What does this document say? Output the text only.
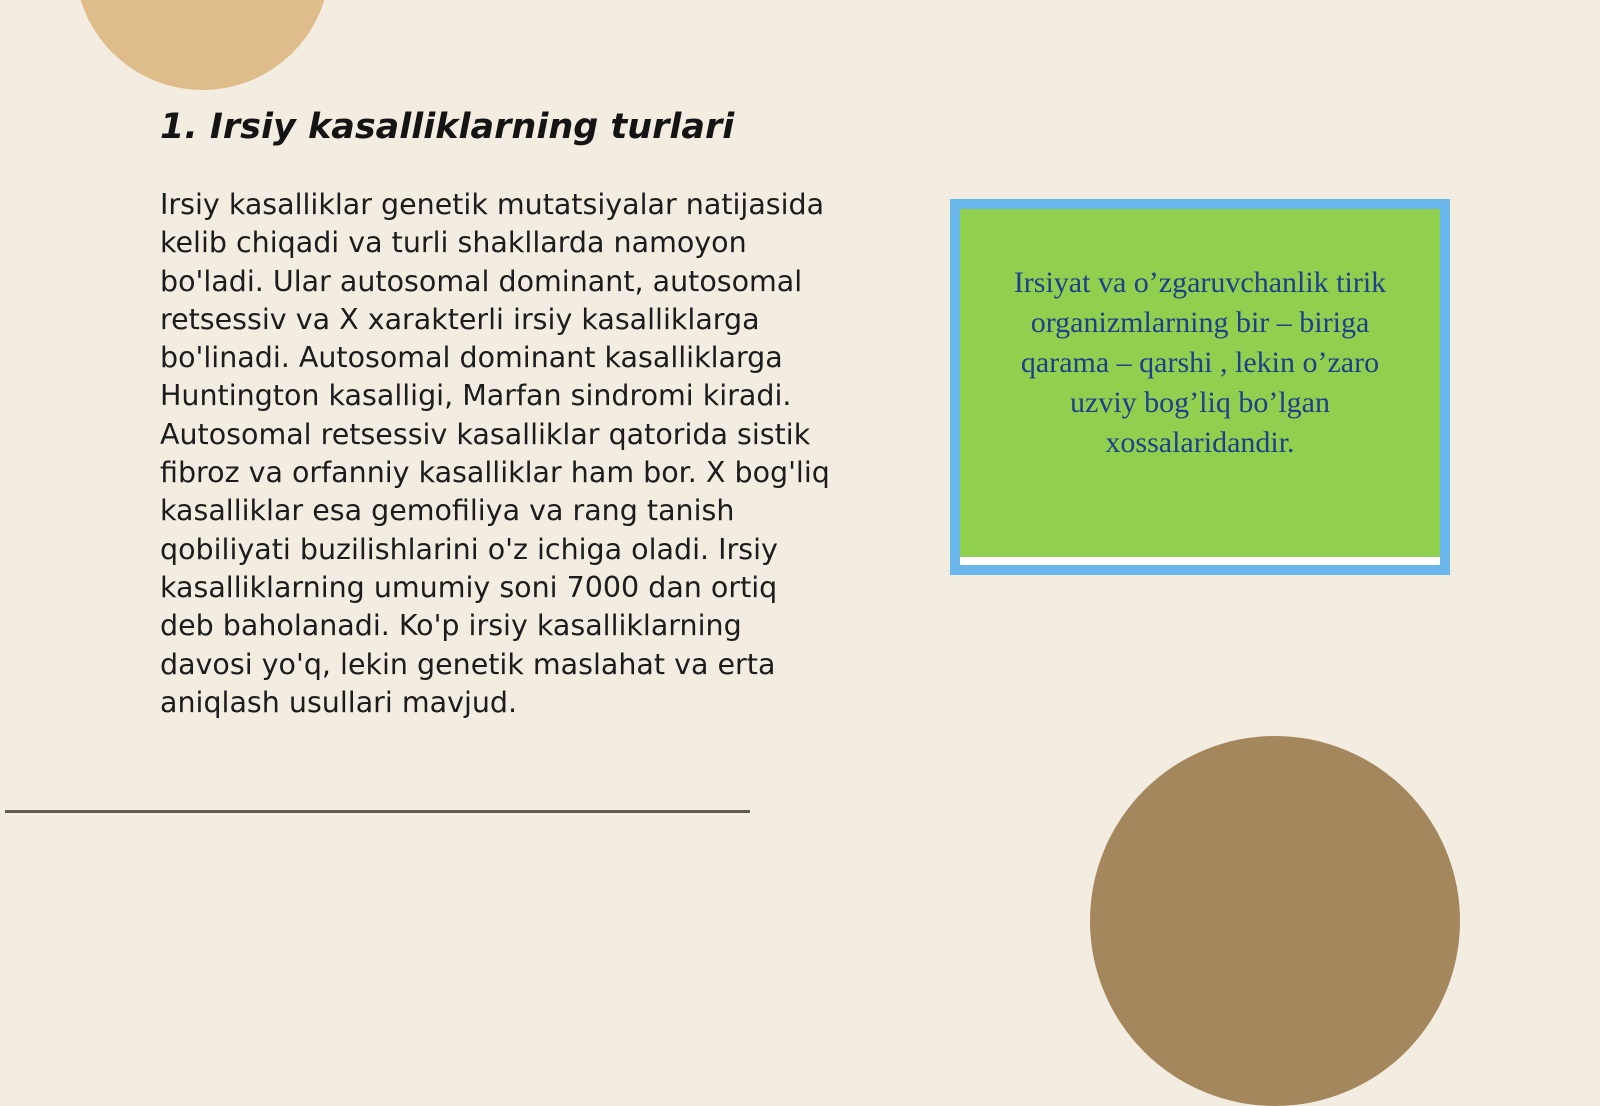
1. Irsiy kasalliklarning turlari

Irsiy kasalliklar genetik mutatsiyalar natijasida kelib chiqadi va turli shakllarda namoyon bo'ladi. Ular autosomal dominant, autosomal retsessiv va X xarakterli irsiy kasalliklarga bo'linadi. Autosomal dominant kasalliklarga Huntington kasalligi, Marfan sindromi kiradi. Autosomal retsessiv kasalliklar qatorida sistik fibroz va orfanniy kasalliklar ham bor. X bog'liq kasalliklar esa gemofiliya va rang tanish qobiliyati buzilishlarini o'z ichiga oladi. Irsiy kasalliklarning umumiy soni 7000 dan ortiq deb baholanadi. Ko'p irsiy kasalliklarning davosi yo'q, lekin genetik maslahat va erta aniqlash usullari mavjud.

Irsiyat va o’zgaruvchanlik tirik organizmlarning bir – biriga qarama – qarshi , lekin o’zaro uzviy bog’liq bo’lgan xossalaridandir.
